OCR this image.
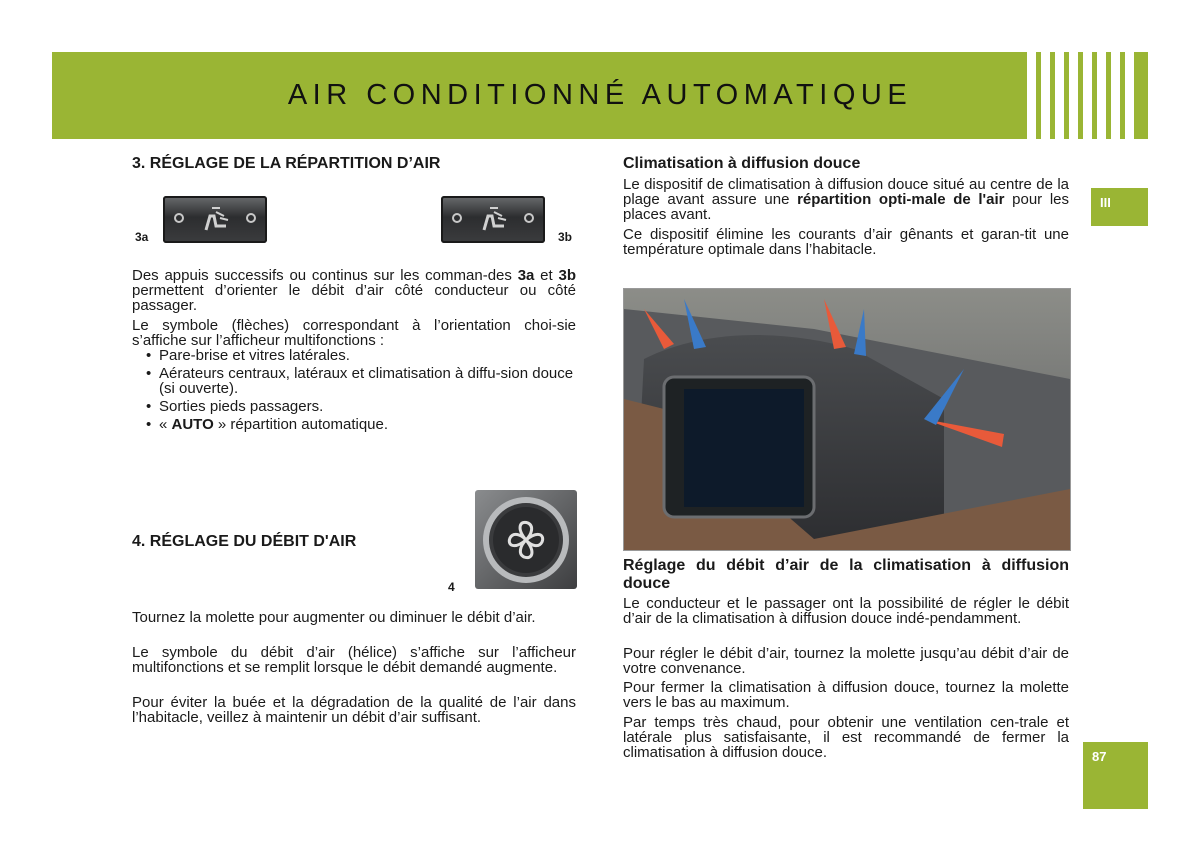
AIR CONDITIONNÉ AUTOMATIQUE
III
87
3. RÉGLAGE DE LA RÉPARTITION D’AIR
3a	3b

Des appuis successifs ou continus sur les comman-des 3a et 3b permettent d’orienter le débit d’air côté conducteur ou côté passager.

Le symbole (flèches) correspondant à l’orientation choi-sie s’affiche sur l’afficheur multifonctions :

• Pare-brise et vitres latérales.
• Aérateurs centraux, latéraux et climatisation à diffu-sion douce (si ouverte).
• Sorties pieds passagers.
• « AUTO » répartition automatique.
4. RÉGLAGE DU DÉBIT D'AIR
4

Tournez la molette pour augmenter ou diminuer le débit d’air.

Le symbole du débit d’air (hélice) s’affiche sur l’afficheur multifonctions et se remplit lorsque le débit demandé augmente.

Pour éviter la buée et la dégradation de la qualité de l’air dans l’habitacle, veillez à maintenir un débit d’air suffisant.

Climatisation à diffusion douce

Le dispositif de climatisation à diffusion douce situé au centre de la plage avant assure une répartition opti-male de l'air pour les places avant.

Ce dispositif élimine les courants d’air gênants et garan-tit une température optimale dans l’habitacle.

Réglage du débit d’air de la climatisation à diffusion douce

Le conducteur et le passager ont la possibilité de régler le débit d’air de la climatisation à diffusion douce indé-pendamment.

Pour régler le débit d’air, tournez la molette jusqu’au débit d’air de votre convenance.

Pour fermer la climatisation à diffusion douce, tournez la molette vers le bas au maximum.

Par temps très chaud, pour obtenir une ventilation cen-trale et latérale plus satisfaisante, il est recommandé de fermer la climatisation à diffusion douce.
